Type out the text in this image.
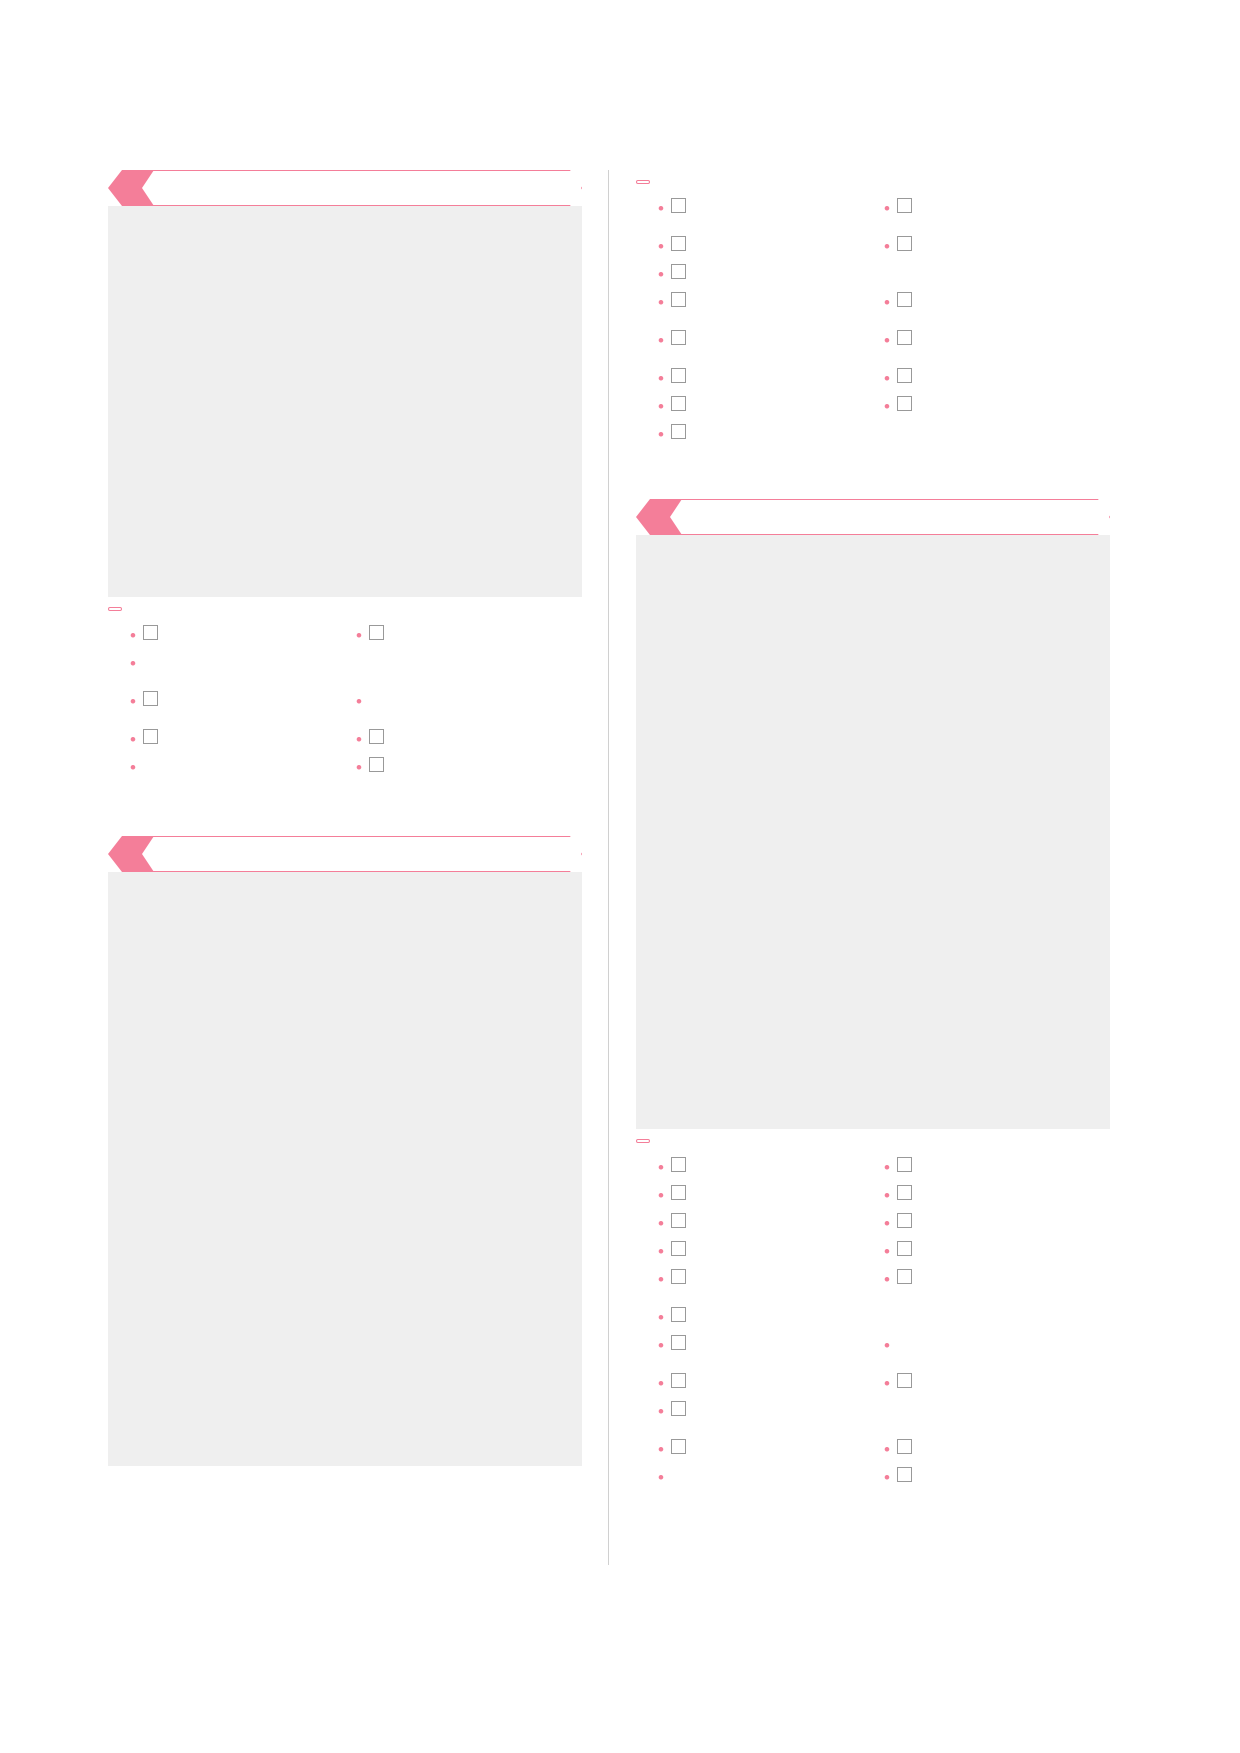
•	•
•
•	•
•	•
•	•
•	•
•	•
•
•	•
•	•
•	•
•	•
•
•	•
•	•
•	•
•	•
•	•
•
•	•
•	•
•
•	•
•	•
